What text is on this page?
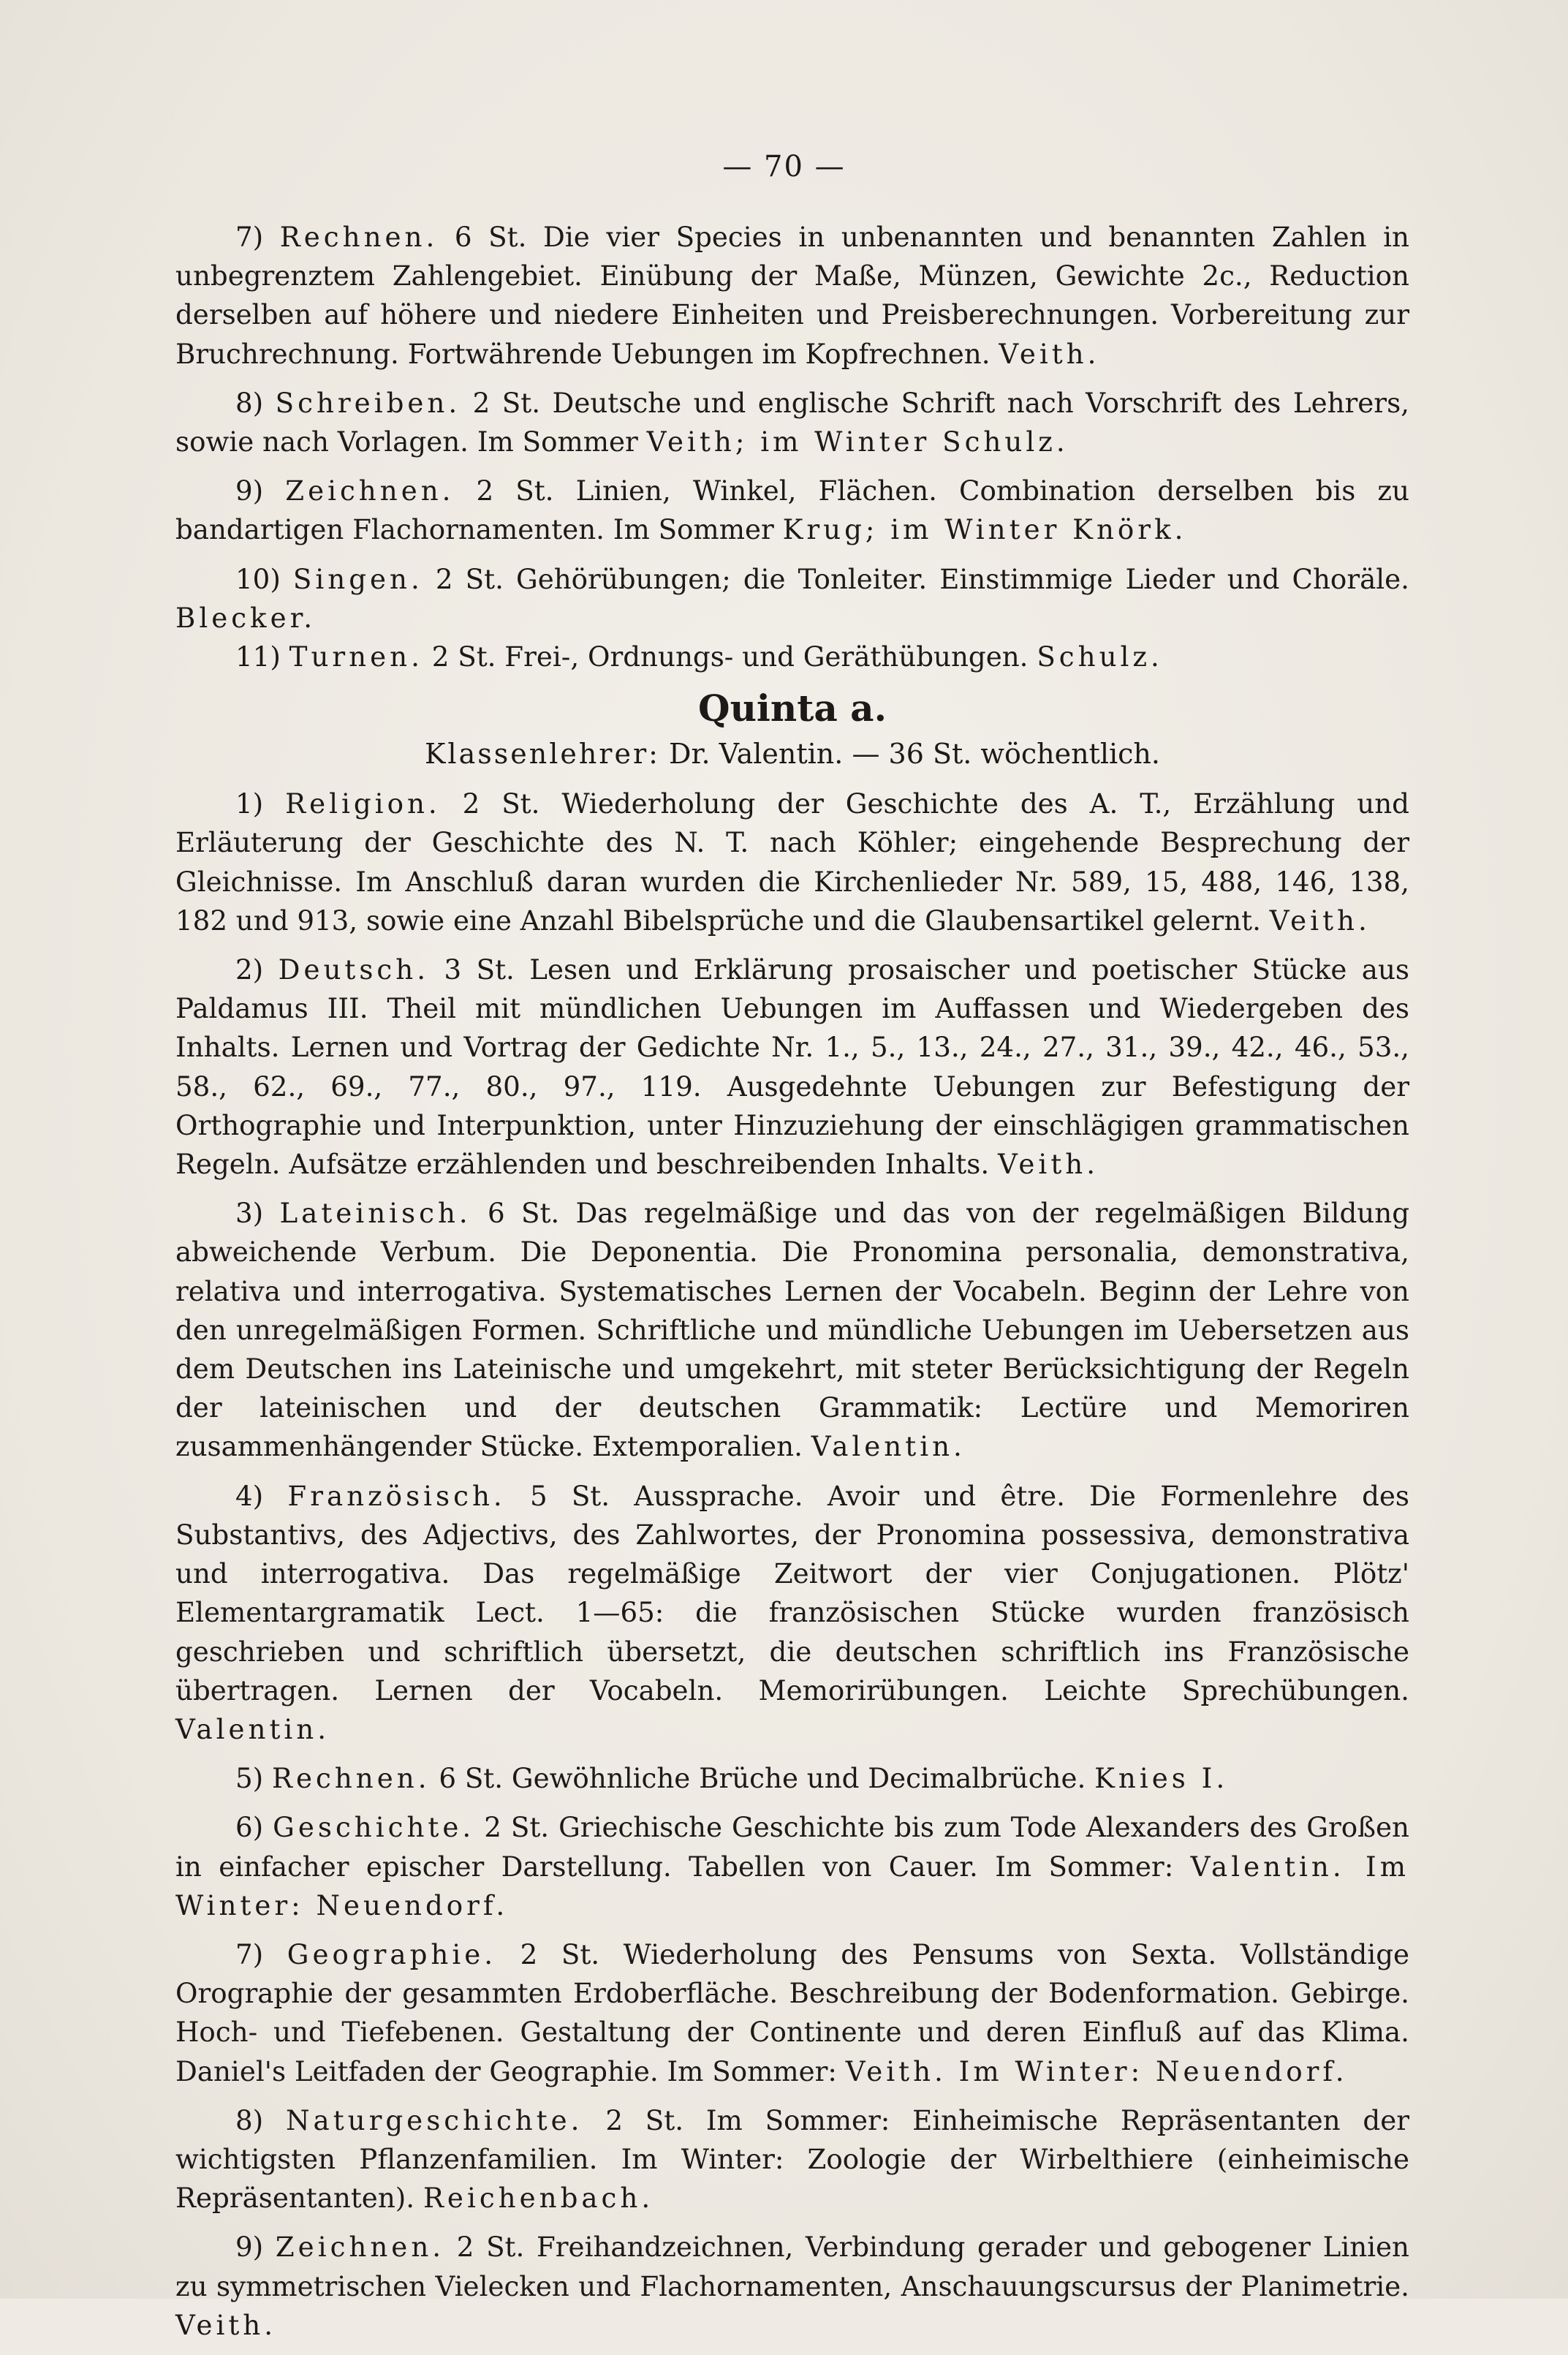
— 70 —
7) Rechnen. 6 St. Die vier Species in unbenannten und benannten Zahlen in unbegrenztem Zahlengebiet. Einübung der Maße, Münzen, Gewichte 2c., Reduction derselben auf höhere und niedere Einheiten und Preisberechnungen. Vorbereitung zur Bruchrechnung. Fortwährende Uebungen im Kopfrechnen. Veith.
8) Schreiben. 2 St. Deutsche und englische Schrift nach Vorschrift des Lehrers, sowie nach Vorlagen. Im Sommer Veith; im Winter Schulz.
9) Zeichnen. 2 St. Linien, Winkel, Flächen. Combination derselben bis zu bandartigen Flachornamenten. Im Sommer Krug; im Winter Knörk.
10) Singen. 2 St. Gehörübungen; die Tonleiter. Einstimmige Lieder und Choräle. Blecker.
11) Turnen. 2 St. Frei-, Ordnungs- und Geräthübungen. Schulz.
Quinta a.
Klassenlehrer: Dr. Valentin. — 36 St. wöchentlich.
1) Religion. 2 St. Wiederholung der Geschichte des A. T., Erzählung und Erläuterung der Geschichte des N. T. nach Köhler; eingehende Besprechung der Gleichnisse. Im Anschluß daran wurden die Kirchenlieder Nr. 589, 15, 488, 146, 138, 182 und 913, sowie eine Anzahl Bibelsprüche und die Glaubensartikel gelernt. Veith.
2) Deutsch. 3 St. Lesen und Erklärung prosaischer und poetischer Stücke aus Paldamus III. Theil mit mündlichen Uebungen im Auffassen und Wiedergeben des Inhalts. Lernen und Vortrag der Gedichte Nr. 1., 5., 13., 24., 27., 31., 39., 42., 46., 53., 58., 62., 69., 77., 80., 97., 119. Ausgedehnte Uebungen zur Befestigung der Orthographie und Interpunktion, unter Hinzuziehung der einschlägigen grammatischen Regeln. Aufsätze erzählenden und beschreibenden Inhalts. Veith.
3) Lateinisch. 6 St. Das regelmäßige und das von der regelmäßigen Bildung abweichende Verbum. Die Deponentia. Die Pronomina personalia, demonstrativa, relativa und interrogativa. Systematisches Lernen der Vocabeln. Beginn der Lehre von den unregelmäßigen Formen. Schriftliche und mündliche Uebungen im Uebersetzen aus dem Deutschen ins Lateinische und umgekehrt, mit steter Berücksichtigung der Regeln der lateinischen und der deutschen Grammatik: Lectüre und Memoriren zusammenhängender Stücke. Extemporalien. Valentin.
4) Französisch. 5 St. Aussprache. Avoir und être. Die Formenlehre des Substantivs, des Adjectivs, des Zahlwortes, der Pronomina possessiva, demonstrativa und interrogativa. Das regelmäßige Zeitwort der vier Conjugationen. Plötz' Elementargramatik Lect. 1—65: die französischen Stücke wurden französisch geschrieben und schriftlich übersetzt, die deutschen schriftlich ins Französische übertragen. Lernen der Vocabeln. Memorirübungen. Leichte Sprechübungen. Valentin.
5) Rechnen. 6 St. Gewöhnliche Brüche und Decimalbrüche. Knies I.
6) Geschichte. 2 St. Griechische Geschichte bis zum Tode Alexanders des Großen in einfacher epischer Darstellung. Tabellen von Cauer. Im Sommer: Valentin. Im Winter: Neuendorf.
7) Geographie. 2 St. Wiederholung des Pensums von Sexta. Vollständige Orographie der gesammten Erdoberfläche. Beschreibung der Bodenformation. Gebirge. Hoch- und Tiefebenen. Gestaltung der Continente und deren Einfluß auf das Klima. Daniel's Leitfaden der Geographie. Im Sommer: Veith. Im Winter: Neuendorf.
8) Naturgeschichte. 2 St. Im Sommer: Einheimische Repräsentanten der wichtigsten Pflanzenfamilien. Im Winter: Zoologie der Wirbelthiere (einheimische Repräsentanten). Reichenbach.
9) Zeichnen. 2 St. Freihandzeichnen, Verbindung gerader und gebogener Linien zu symmetrischen Vielecken und Flachornamenten, Anschauungscursus der Planimetrie. Veith.
